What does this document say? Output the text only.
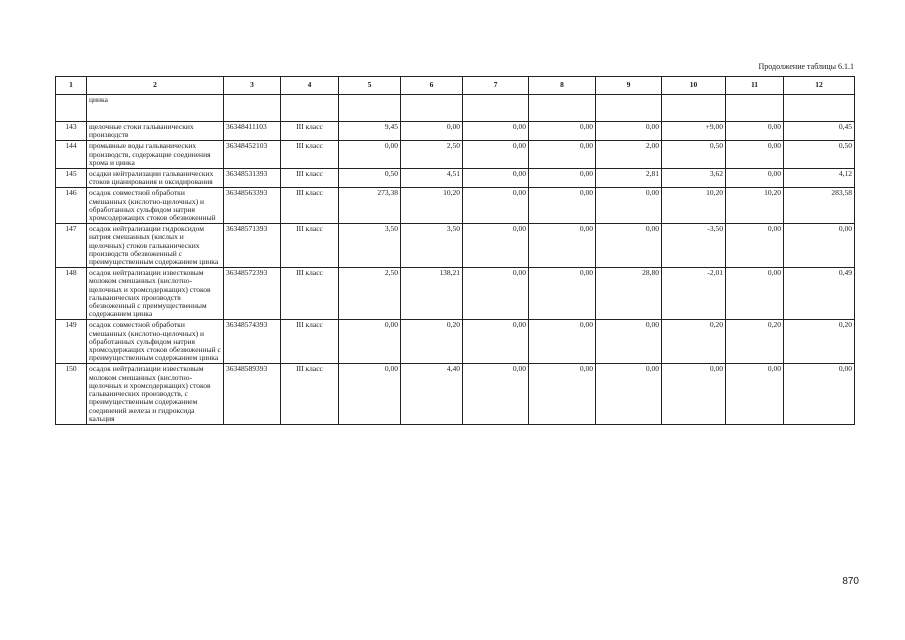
Продолжение таблицы 6.1.1
1	2	3	4	5	6	7	8	9	10	11	12
	цинка										
143	щелочные стоки гальванических производств	36348411103	III класс	9,45	0,00	0,00	0,00	0,00	+9,00	0,00	0,45
144	промывные воды гальванических производств, содержащие соединения хрома и цинка	36348452103	III класс	0,00	2,50	0,00	0,00	2,00	0,50	0,00	0,50
145	осадки нейтрализации гальванических стоков цианирования и оксидирования	36348531393	III класс	0,50	4,51	0,00	0,00	2,81	3,62	0,00	4,12
146	осадок совместной обработки смешанных (кислотно-щелочных) и обработанных сульфидом натрия хромсодержащих стоков обезвоженный	36348563393	III класс	273,38	10,20	0,00	0,00	0,00	10,20	10,20	283,58
147	осадок нейтрализации гидроксидом натрия смешанных (кислых и щелочных) стоков гальванических производств обезвоженный с преимущественным содержанием цинка	36348571393	III класс	3,50	3,50	0,00	0,00	0,00	-3,50	0,00	0,00
148	осадок нейтрализации известковым молоком смешанных (кислотно-щелочных и хромсодержащих) стоков гальванических производств обезвоженный с преимущественным содержанием цинка	36348572393	III класс	2,50	138,21	0,00	0,00	28,80	-2,01	0,00	0,49
149	осадок совместной обработки смешанных (кислотно-щелочных) и обработанных сульфидом натрия хромсодержащих стоков обезвоженный с преимущественным содержанием цинка	36348574393	III класс	0,00	0,20	0,00	0,00	0,00	0,20	0,20	0,20
150	осадок нейтрализации известковым молоком смешанных (кислотно-щелочных и хромсодержащих) стоков гальванических производств, с преимущественным содержанием соединений железа и гидроксида кальция	36348589393	III класс	0,00	4,40	0,00	0,00	0,00	0,00	0,00	0,00
870
